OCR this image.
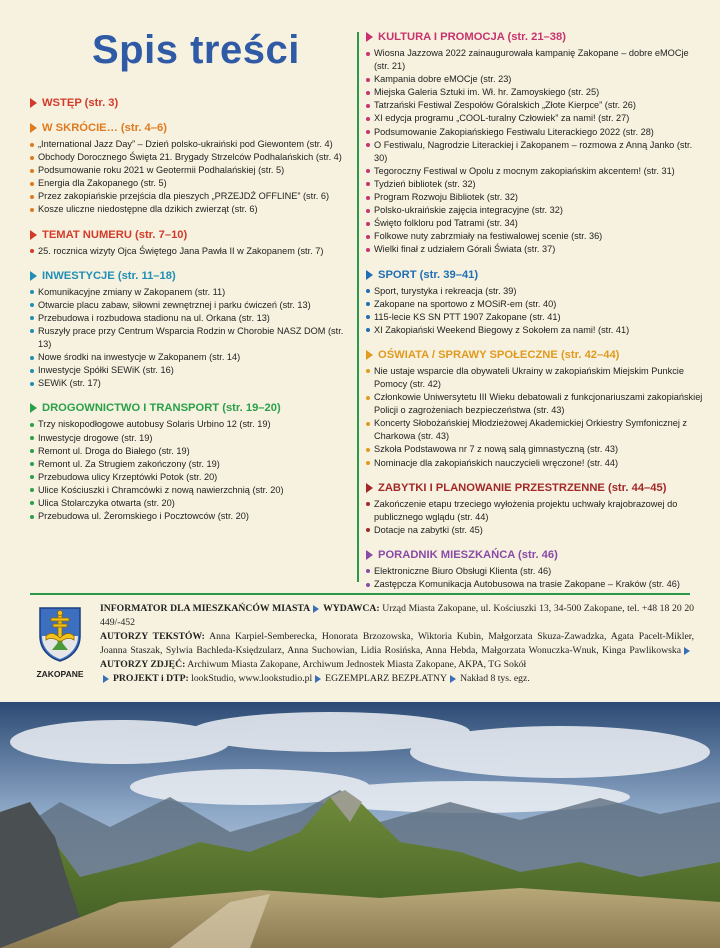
Spis treści
WSTĘP (str. 3)
W SKRÓCIE… (str. 4–6)
„International Jazz Day” – Dzień polsko-ukraiński pod Giewontem (str. 4)
Obchody Dorocznego Święta 21. Brygady Strzelców Podhalańskich (str. 4)
Podsumowanie roku 2021 w Geotermii Podhalańskiej (str. 5)
Energia dla Zakopanego (str. 5)
Przez zakopiańskie przejścia dla pieszych „PRZEJDŹ OFFLINE” (str. 6)
Kosze uliczne niedostępne dla dzikich zwierząt (str. 6)
TEMAT NUMERU (str. 7–10)
25. rocznica wizyty Ojca Świętego Jana Pawła II w Zakopanem (str. 7)
INWESTYCJE (str. 11–18)
Komunikacyjne zmiany w Zakopanem (str. 11)
Otwarcie placu zabaw, siłowni zewnętrznej i parku ćwiczeń (str. 13)
Przebudowa i rozbudowa stadionu na ul. Orkana (str. 13)
Ruszyły prace przy Centrum Wsparcia Rodzin w Chorobie NASZ DOM (str. 13)
Nowe środki na inwestycje w Zakopanem (str. 14)
Inwestycje Spółki SEWiK (str. 16)
SEWiK (str. 17)
DROGOWNICTWO I TRANSPORT (str. 19–20)
Trzy niskopodłogowe autobusy Solaris Urbino 12 (str. 19)
Inwestycje drogowe (str. 19)
Remont ul. Droga do Białego (str. 19)
Remont ul. Za Strugiem zakończony (str. 19)
Przebudowa ulicy Krzeptówki Potok (str. 20)
Ulice Kościuszki i Chramcówki z nową nawierzchnią (str. 20)
Ulica Stolarczyka otwarta (str. 20)
Przebudowa ul. Żeromskiego i Pocztowców (str. 20)
KULTURA I PROMOCJA (str. 21–38)
Wiosna Jazzowa 2022 zainaugurowała kampanię Zakopane – dobre eMOCje (str. 21)
Kampania dobre eMOCje (str. 23)
Miejska Galeria Sztuki im. Wł. hr. Zamoyskiego (str. 25)
Tatrzański Festiwal Zespołów Góralskich „Złote Kierpce” (str. 26)
XI edycja programu „COOL-turalny Człowiek” za nami! (str. 27)
Podsumowanie Zakopiańskiego Festiwalu Literackiego 2022 (str. 28)
O Festiwalu, Nagrodzie Literackiej i Zakopanem – rozmowa z Anną Janko (str. 30)
Tegoroczny Festiwal w Opolu z mocnym zakopiańskim akcentem! (str. 31)
Tydzień bibliotek (str. 32)
Program Rozwoju Bibliotek (str. 32)
Polsko-ukraińskie zajęcia integracyjne (str. 32)
Święto folkloru pod Tatrami (str. 34)
Folkowe nuty zabrzmiały na festiwalowej scenie (str. 36)
Wielki finał z udziałem Górali Świata (str. 37)
SPORT (str. 39–41)
Sport, turystyka i rekreacja (str. 39)
Zakopane na sportowo z MOSiR-em (str. 40)
115-lecie KS SN PTT 1907 Zakopane (str. 41)
XI Zakopiański Weekend Biegowy z Sokołem za nami! (str. 41)
OŚWIATA / SPRAWY SPOŁECZNE (str. 42–44)
Nie ustaje wsparcie dla obywateli Ukrainy w zakopiańskim Miejskim Punkcie Pomocy (str. 42)
Członkowie Uniwersytetu III Wieku debatowali z funkcjonariuszami zakopiańskiej Policji o zagrożeniach bezpieczeństwa (str. 43)
Koncerty Słobożańskiej Młodzieżowej Akademickiej Orkiestry Symfonicznej z Charkowa (str. 43)
Szkoła Podstawowa nr 7 z nową salą gimnastyczną (str. 43)
Nominacje dla zakopiańskich nauczycieli wręczone! (str. 44)
ZABYTKI I PLANOWANIE PRZESTRZENNE (str. 44–45)
Zakończenie etapu trzeciego wyłożenia projektu uchwały krajobrazowej do publicznego wglądu (str. 44)
Dotacje na zabytki (str. 45)
PORADNIK MIESZKAŃCA (str. 46)
Elektroniczne Biuro Obsługi Klienta (str. 46)
Zastępcza Komunikacja Autobusowa na trasie Zakopane – Kraków (str. 46)
ZAKOPANE
INFORMATOR DLA MIESZKAŃCÓW MIASTA WYDAWCA: Urząd Miasta Zakopane, ul. Kościuszki 13, 34-500 Zakopane, tel. +48 18 20 20 449/-452
AUTORZY TEKSTÓW: Anna Karpiel-Semberecka, Honorata Brzozowska, Wiktoria Kubin, Małgorzata Skuza-Zawadzka, Agata Pacelt-Mikler, Joanna Staszak, Sylwia Bachleda-Księdzularz, Anna Suchowian, Lidia Rosińska, Anna Hebda, Małgorzata Wonuczka-Wnuk, Kinga PawlikowskaAUTORZY ZDJĘĆ: Archiwum Miasta Zakopane, Archiwum Jednostek Miasta Zakopane, AKPA, TG Sokół
PROJEKT i DTP: lookStudio, www.lookstudio.pl EGZEMPLARZ BEZPŁATNY Nakład 8 tys. egz.
